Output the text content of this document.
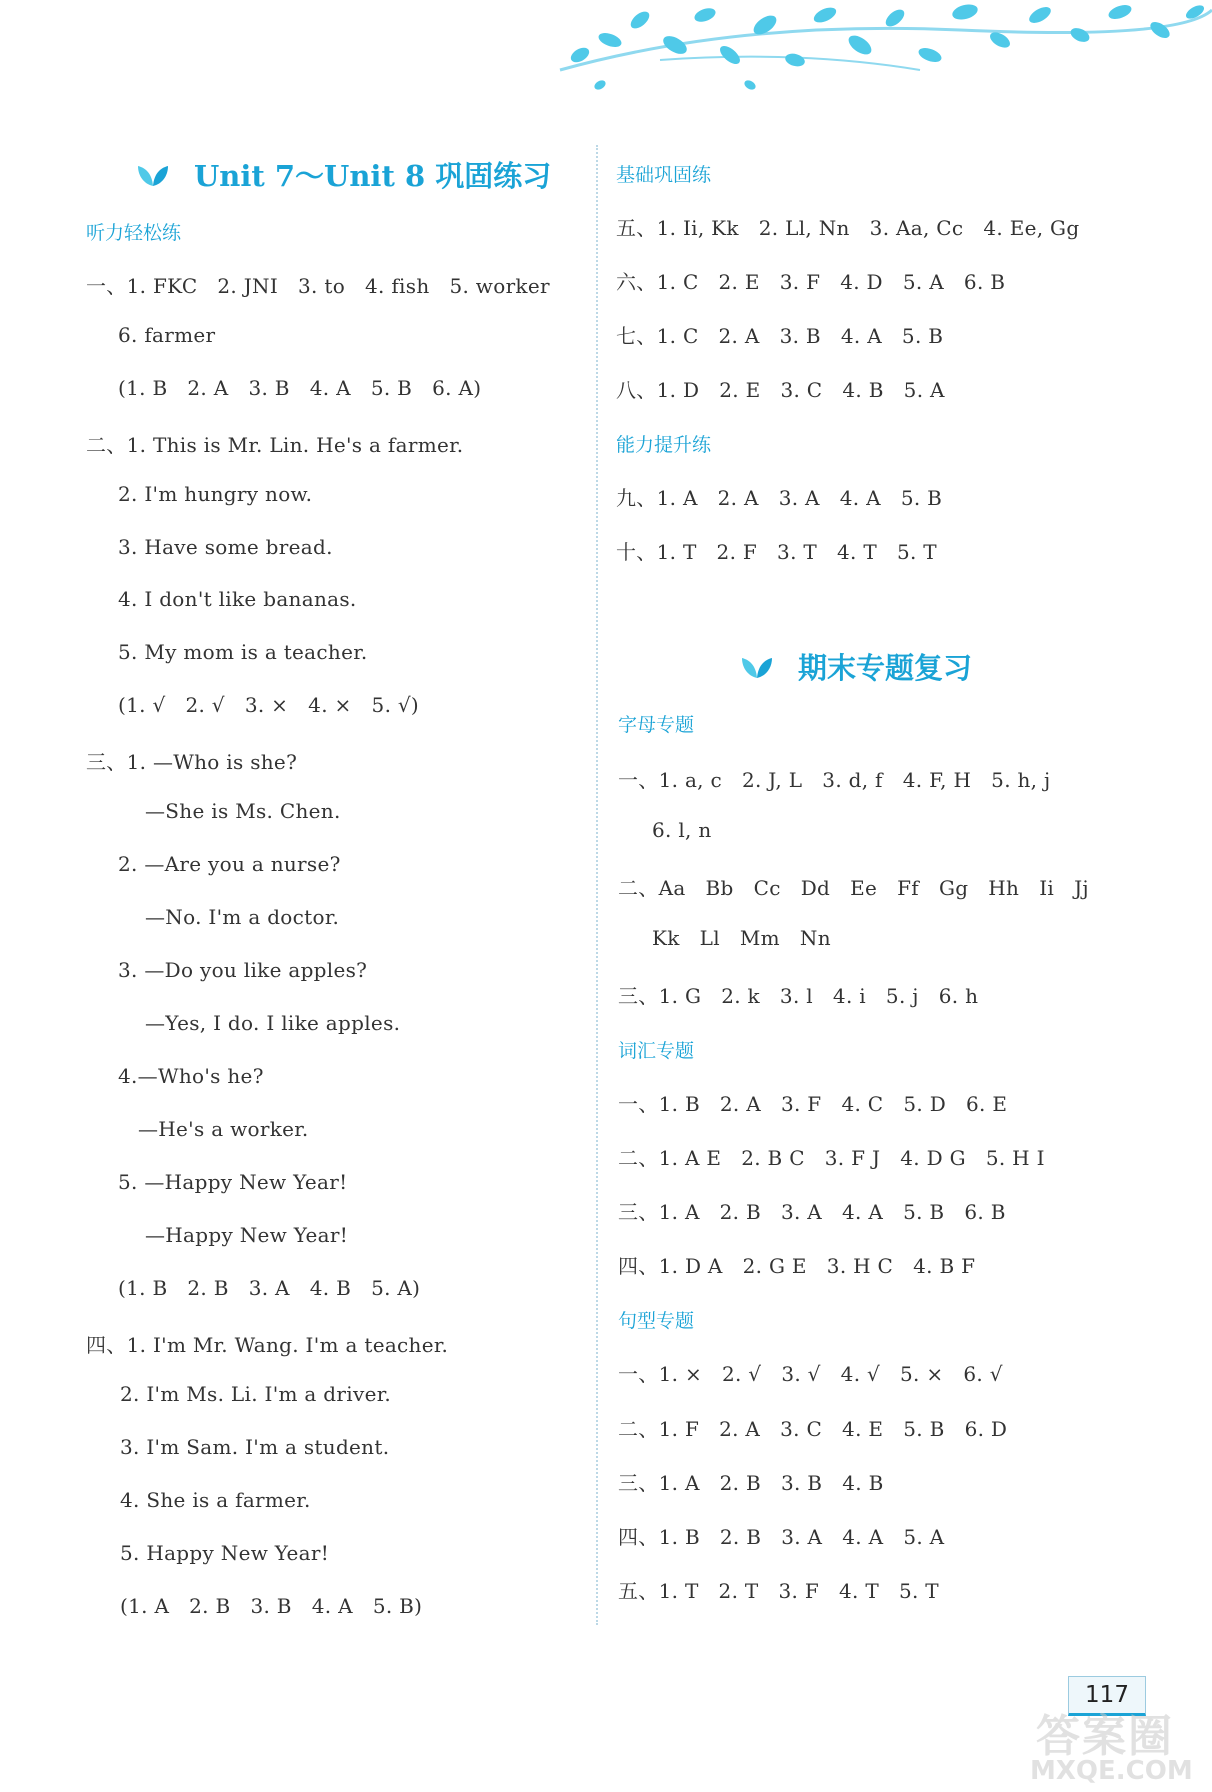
Unit 7～Unit 8 巩固练习
听力轻松练
一、1. FKC   2. JNI   3. to   4. fish   5. worker
6. farmer
(1. B   2. A   3. B   4. A   5. B   6. A)
二、1. This is Mr. Lin. He's a farmer.
2. I'm hungry now.
3. Have some bread.
4. I don't like bananas.
5. My mom is a teacher.
(1. √   2. √   3. ×   4. ×   5. √)
三、1. —Who is she?
—She is Ms. Chen.
2. —Are you a nurse?
—No. I'm a doctor.
3. —Do you like apples?
—Yes, I do. I like apples.
4.—Who's he?
—He's a worker.
5. —Happy New Year!
—Happy New Year!
(1. B   2. B   3. A   4. B   5. A)
四、1. I'm Mr. Wang. I'm a teacher.
2. I'm Ms. Li. I'm a driver.
3. I'm Sam. I'm a student.
4. She is a farmer.
5. Happy New Year!
(1. A   2. B   3. B   4. A   5. B)
基础巩固练
五、1. Ii, Kk   2. Ll, Nn   3. Aa, Cc   4. Ee, Gg
六、1. C   2. E   3. F   4. D   5. A   6. B
七、1. C   2. A   3. B   4. A   5. B
八、1. D   2. E   3. C   4. B   5. A
能力提升练
九、1. A   2. A   3. A   4. A   5. B
十、1. T   2. F   3. T   4. T   5. T
期末专题复习
字母专题
一、1. a, c   2. J, L   3. d, f   4. F, H   5. h, j
6. l, n
二、Aa   Bb   Cc   Dd   Ee   Ff   Gg   Hh   Ii   Jj
Kk   Ll   Mm   Nn
三、1. G   2. k   3. l   4. i   5. j   6. h
词汇专题
一、1. B   2. A   3. F   4. C   5. D   6. E
二、1. A E   2. B C   3. F J   4. D G   5. H I
三、1. A   2. B   3. A   4. A   5. B   6. B
四、1. D A   2. G E   3. H C   4. B F
句型专题
一、1. ×   2. √   3. √   4. √   5. ×   6. √
二、1. F   2. A   3. C   4. E   5. B   6. D
三、1. A   2. B   3. B   4. B
四、1. B   2. B   3. A   4. A   5. A
五、1. T   2. T   3. F   4. T   5. T
117
答案圈
MXQE.COM
